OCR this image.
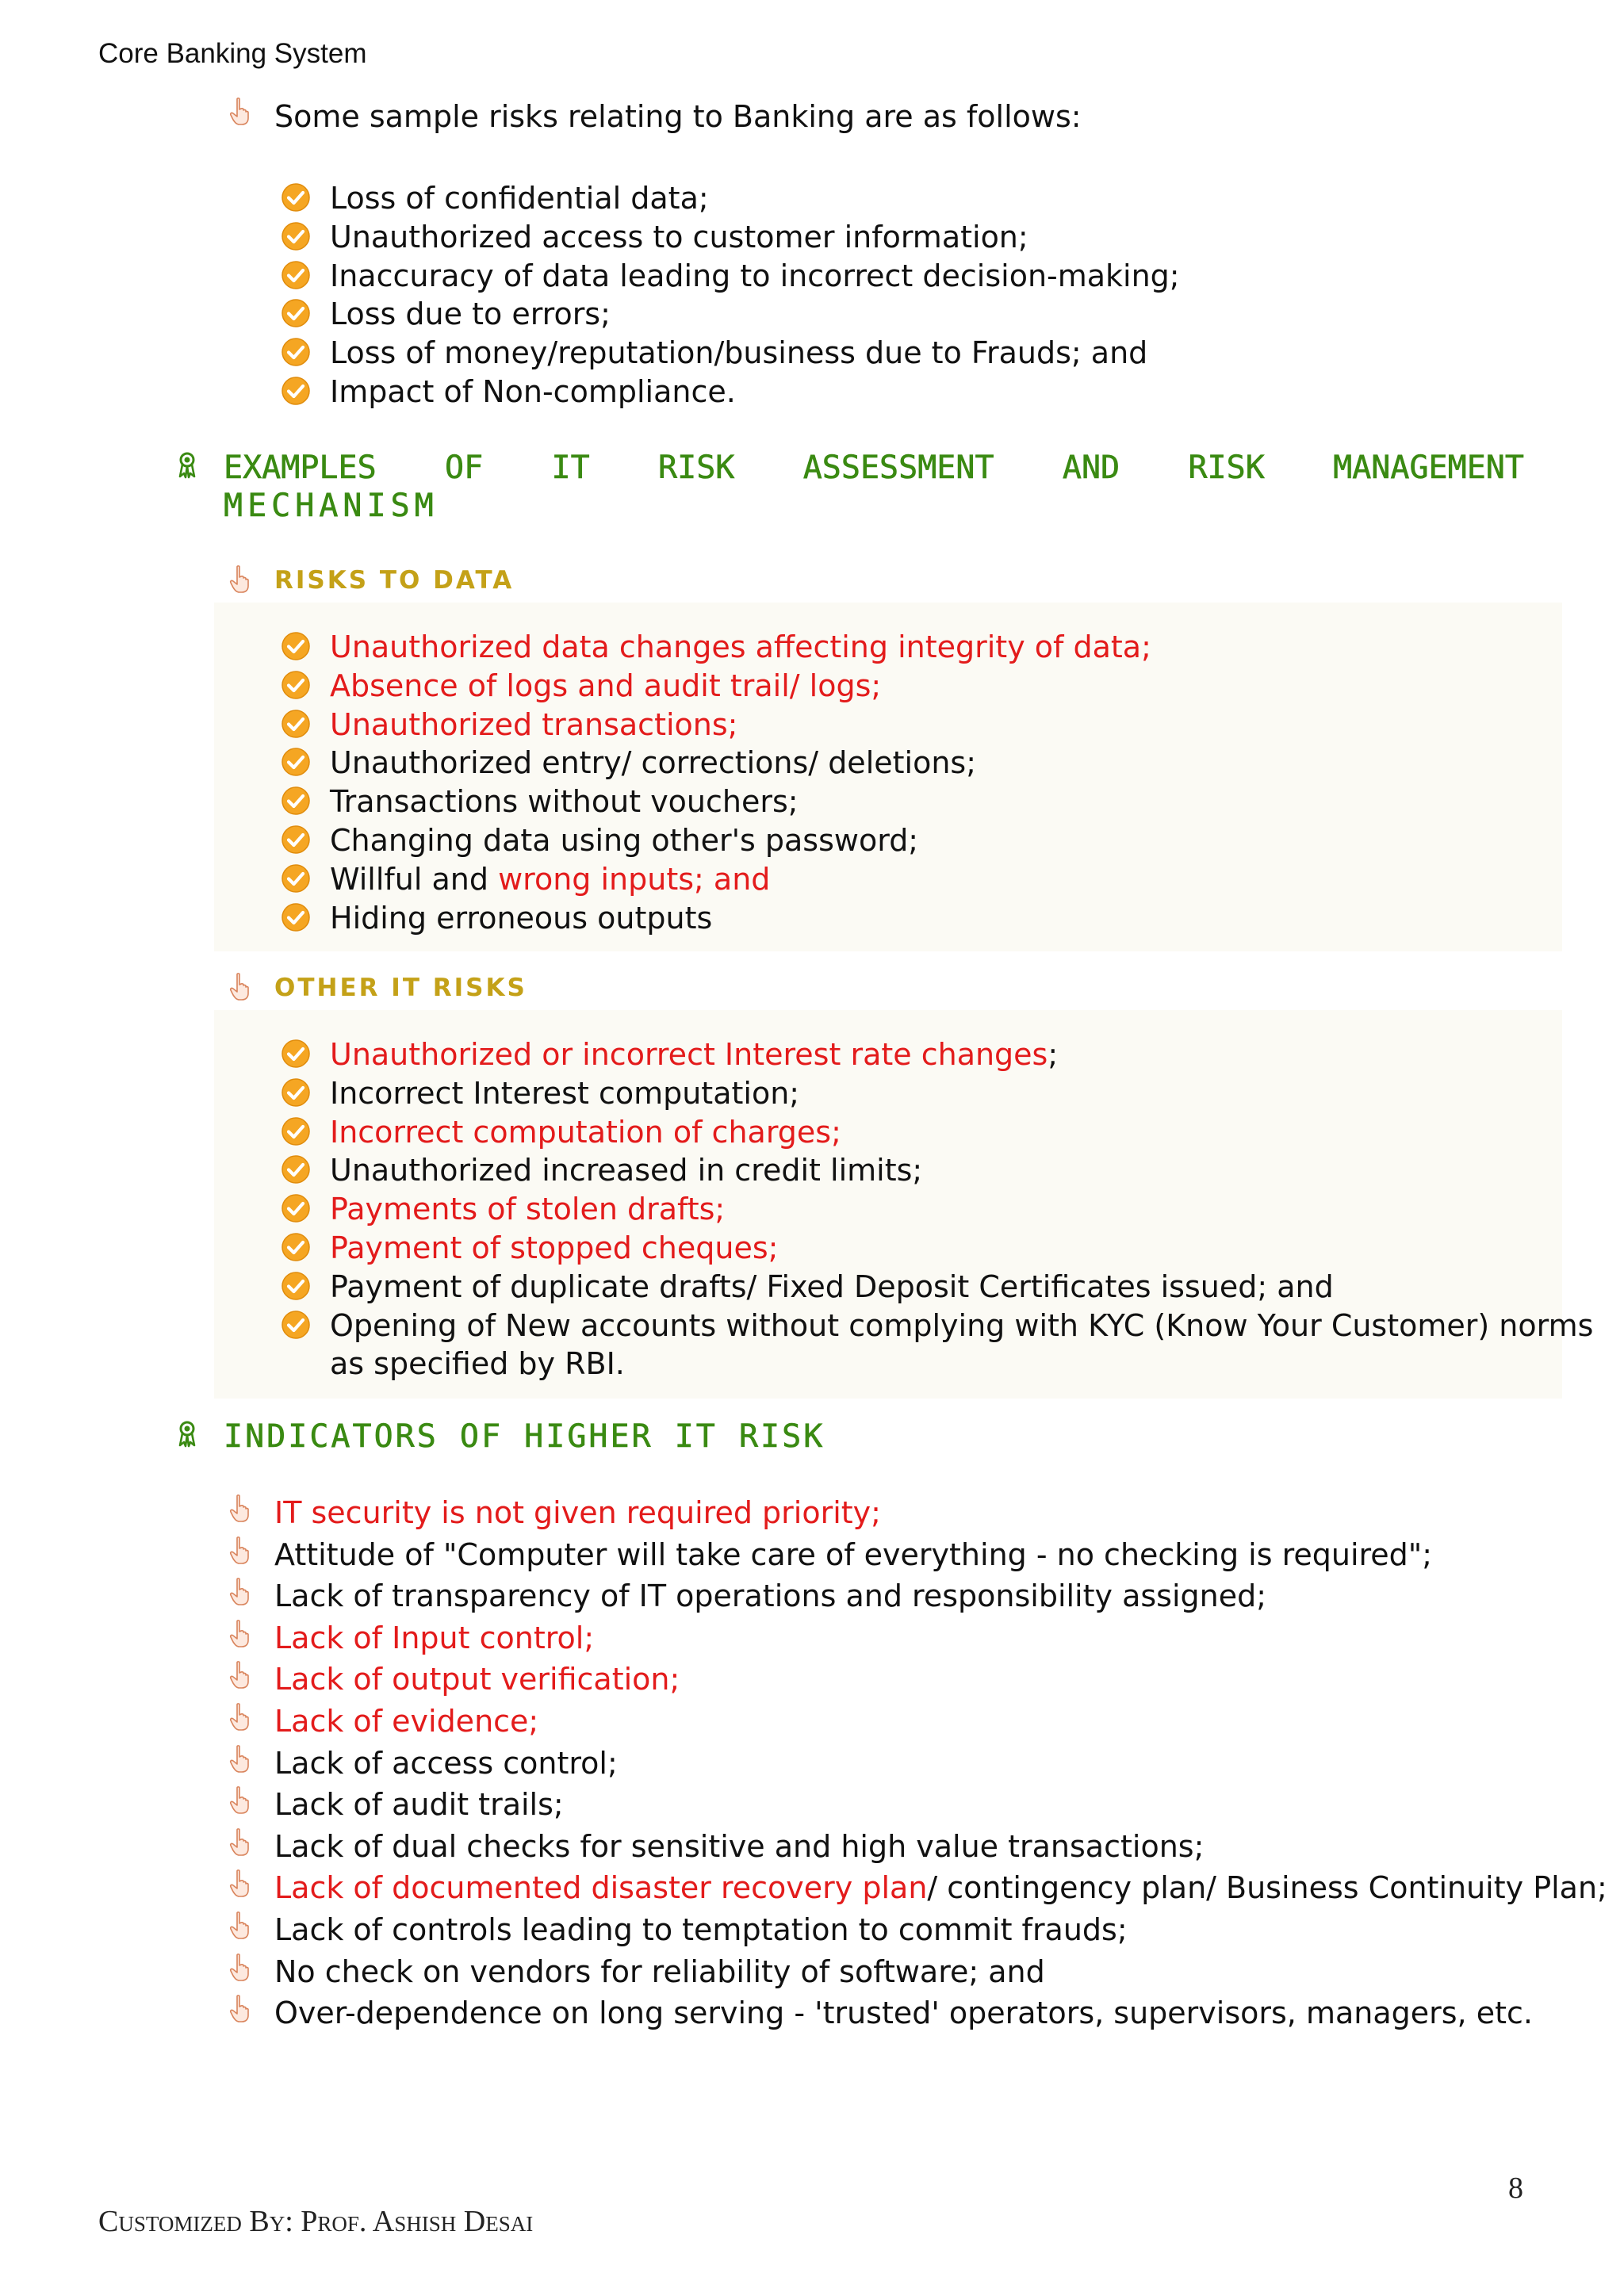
Core Banking System
Some sample risks relating to Banking are as follows:
Loss of confidential data;
Unauthorized access to customer information;
Inaccuracy of data leading to incorrect decision-making;
Loss due to errors;
Loss of money/reputation/business due to Frauds; and
Impact of Non-compliance.
EXAMPLES OF IT RISK ASSESSMENT AND RISK MANAGEMENT
MECHANISM
RISKS TO DATA
Unauthorized data changes affecting integrity of data;
Absence of logs and audit trail/ logs;
Unauthorized transactions;
Unauthorized entry/ corrections/ deletions;
Transactions without vouchers;
Changing data using other's password;
Willful and wrong inputs; and
Hiding erroneous outputs
OTHER IT RISKS
Unauthorized or incorrect Interest rate changes;
Incorrect Interest computation;
Incorrect computation of charges;
Unauthorized increased in credit limits;
Payments of stolen drafts;
Payment of stopped cheques;
Payment of duplicate drafts/ Fixed Deposit Certificates issued; and
Opening of New accounts without complying with KYC (Know Your Customer) norms
as specified by RBI.
INDICATORS OF HIGHER IT RISK
IT security is not given required priority;
Attitude of "Computer will take care of everything - no checking is required";
Lack of transparency of IT operations and responsibility assigned;
Lack of Input control;
Lack of output verification;
Lack of evidence;
Lack of access control;
Lack of audit trails;
Lack of dual checks for sensitive and high value transactions;
Lack of documented disaster recovery plan/ contingency plan/ Business Continuity Plan;
Lack of controls leading to temptation to commit frauds;
No check on vendors for reliability of software; and
Over-dependence on long serving - 'trusted' operators, supervisors, managers, etc.
8
Customized By: Prof. Ashish Desai
